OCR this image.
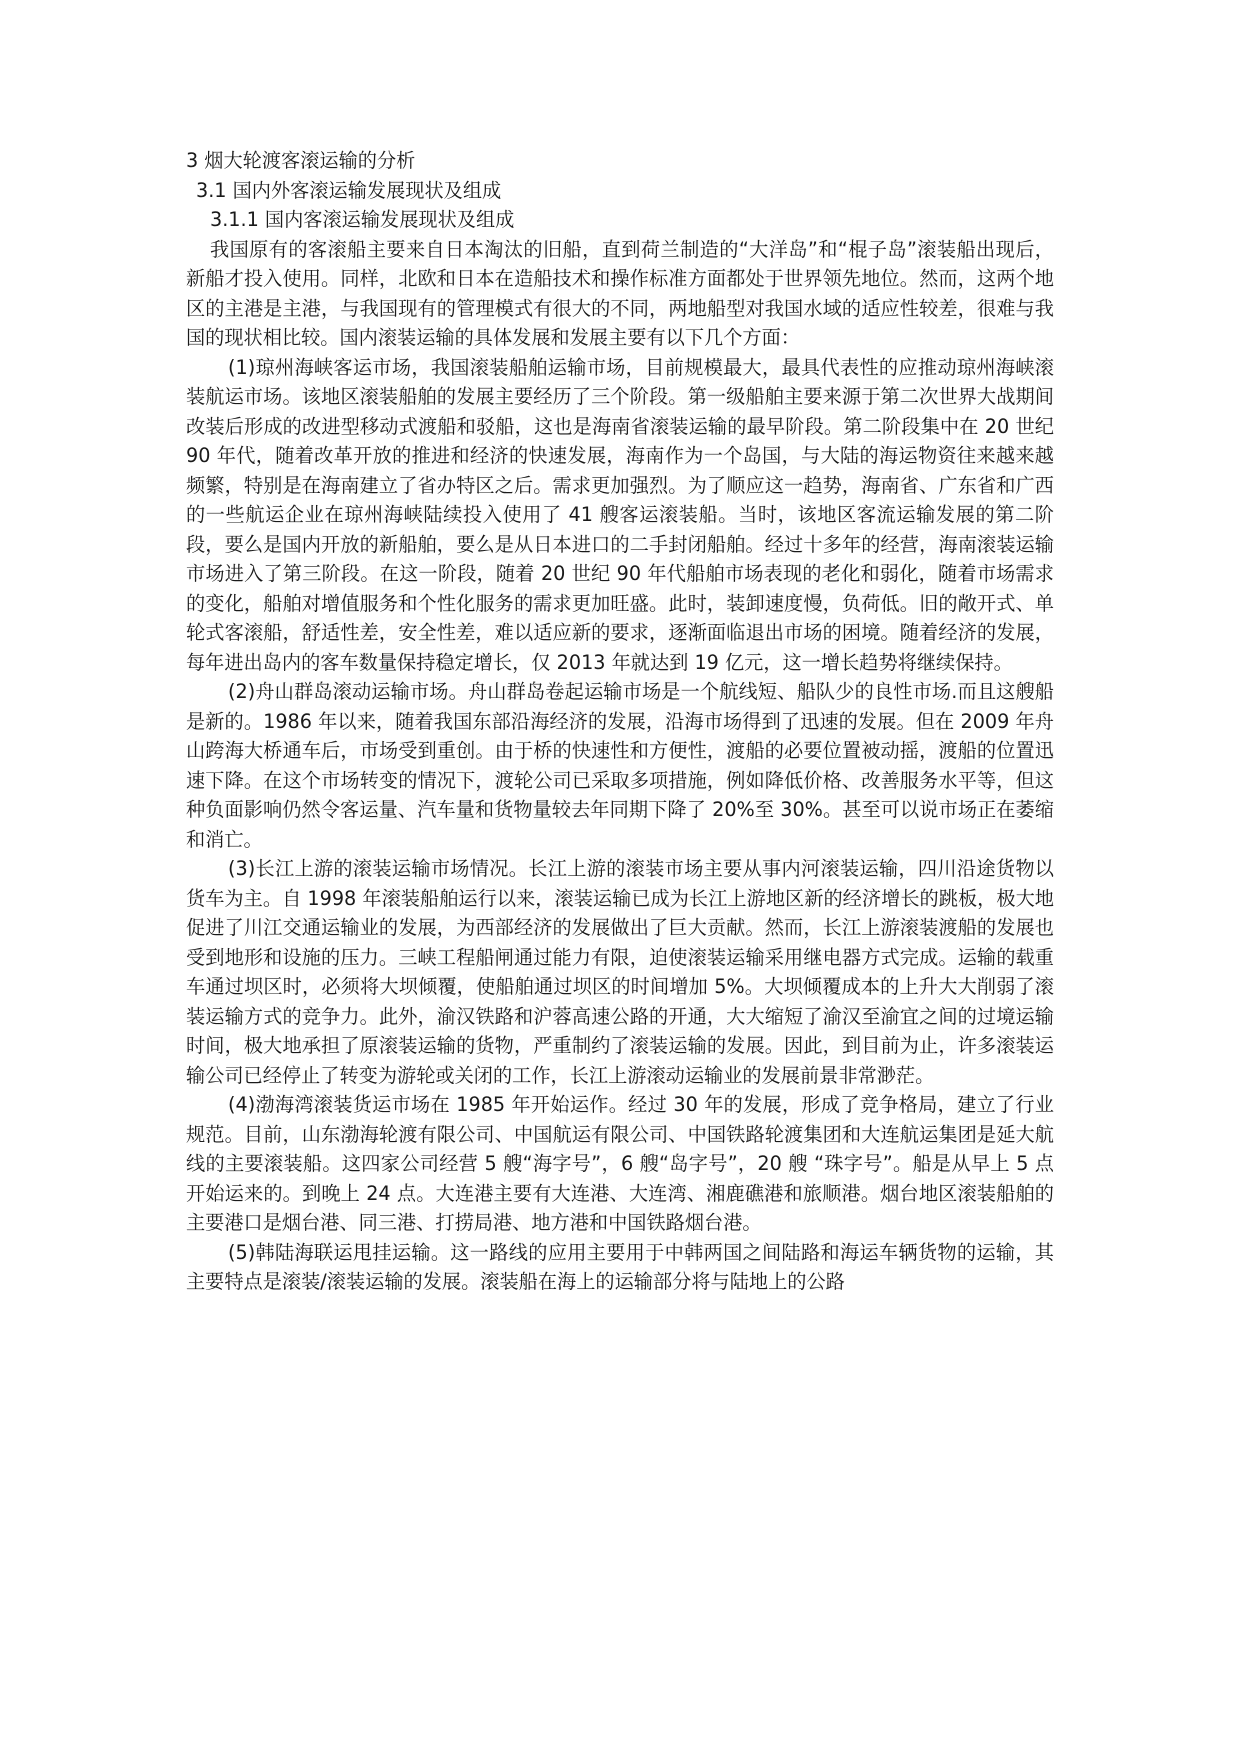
3 烟大轮渡客滚运输的分析
3.1 国内外客滚运输发展现状及组成
3.1.1 国内客滚运输发展现状及组成

我国原有的客滚船主要来自日本淘汰的旧船，直到荷兰制造的“大洋岛”和“棍子岛”滚装船出现后，新船才投入使用。同样，北欧和日本在造船技术和操作标准方面都处于世界领先地位。然而，这两个地区的主港是主港，与我国现有的管理模式有很大的不同，两地船型对我国水域的适应性较差，很难与我国的现状相比较。国内滚装运输的具体发展和发展主要有以下几个方面：

(1)琼州海峡客运市场，我国滚装船舶运输市场，目前规模最大，最具代表性的应推动琼州海峡滚装航运市场。该地区滚装船舶的发展主要经历了三个阶段。第一级船舶主要来源于第二次世界大战期间改装后形成的改进型移动式渡船和驳船，这也是海南省滚装运输的最早阶段。第二阶段集中在 20 世纪 90 年代，随着改革开放的推进和经济的快速发展，海南作为一个岛国，与大陆的海运物资往来越来越频繁，特别是在海南建立了省办特区之后。需求更加强烈。为了顺应这一趋势，海南省、广东省和广西的一些航运企业在琼州海峡陆续投入使用了 41 艘客运滚装船。当时，该地区客流运输发展的第二阶段，要么是国内开放的新船舶，要么是从日本进口的二手封闭船舶。经过十多年的经营，海南滚装运输市场进入了第三阶段。在这一阶段，随着 20 世纪 90 年代船舶市场表现的老化和弱化，随着市场需求的变化，船舶对增值服务和个性化服务的需求更加旺盛。此时，装卸速度慢，负荷低。旧的敞开式、单轮式客滚船，舒适性差，安全性差，难以适应新的要求，逐渐面临退出市场的困境。随着经济的发展，每年进出岛内的客车数量保持稳定增长，仅 2013 年就达到 19 亿元，这一增长趋势将继续保持。

(2)舟山群岛滚动运输市场。舟山群岛卷起运输市场是一个航线短、船队少的良性市场.而且这艘船是新的。1986 年以来，随着我国东部沿海经济的发展，沿海市场得到了迅速的发展。但在 2009 年舟山跨海大桥通车后，市场受到重创。由于桥的快速性和方便性，渡船的必要位置被动摇，渡船的位置迅速下降。在这个市场转变的情况下，渡轮公司已采取多项措施，例如降低价格、改善服务水平等，但这种负面影响仍然令客运量、汽车量和货物量较去年同期下降了 20%至 30%。甚至可以说市场正在萎缩和消亡。

(3)长江上游的滚装运输市场情况。长江上游的滚装市场主要从事内河滚装运输，四川沿途货物以货车为主。自 1998 年滚装船舶运行以来，滚装运输已成为长江上游地区新的经济增长的跳板，极大地促进了川江交通运输业的发展，为西部经济的发展做出了巨大贡献。然而，长江上游滚装渡船的发展也受到地形和设施的压力。三峡工程船闸通过能力有限，迫使滚装运输采用继电器方式完成。运输的载重车通过坝区时，必须将大坝倾覆，使船舶通过坝区的时间增加 5%。大坝倾覆成本的上升大大削弱了滚装运输方式的竞争力。此外，渝汉铁路和沪蓉高速公路的开通，大大缩短了渝汉至渝宜之间的过境运输时间，极大地承担了原滚装运输的货物，严重制约了滚装运输的发展。因此，到目前为止，许多滚装运输公司已经停止了转变为游轮或关闭的工作，长江上游滚动运输业的发展前景非常渺茫。

(4)渤海湾滚装货运市场在 1985 年开始运作。经过 30 年的发展，形成了竞争格局，建立了行业规范。目前，山东渤海轮渡有限公司、中国航运有限公司、中国铁路轮渡集团和大连航运集团是延大航线的主要滚装船。这四家公司经营 5 艘“海字号”，6 艘“岛字号”，20 艘 “珠字号”。船是从早上 5 点开始运来的。到晚上 24 点。大连港主要有大连港、大连湾、湘鹿礁港和旅顺港。烟台地区滚装船舶的主要港口是烟台港、同三港、打捞局港、地方港和中国铁路烟台港。

(5)韩陆海联运甩挂运输。这一路线的应用主要用于中韩两国之间陆路和海运车辆货物的运输，其主要特点是滚装/滚装运输的发展。滚装船在海上的运输部分将与陆地上的公路
